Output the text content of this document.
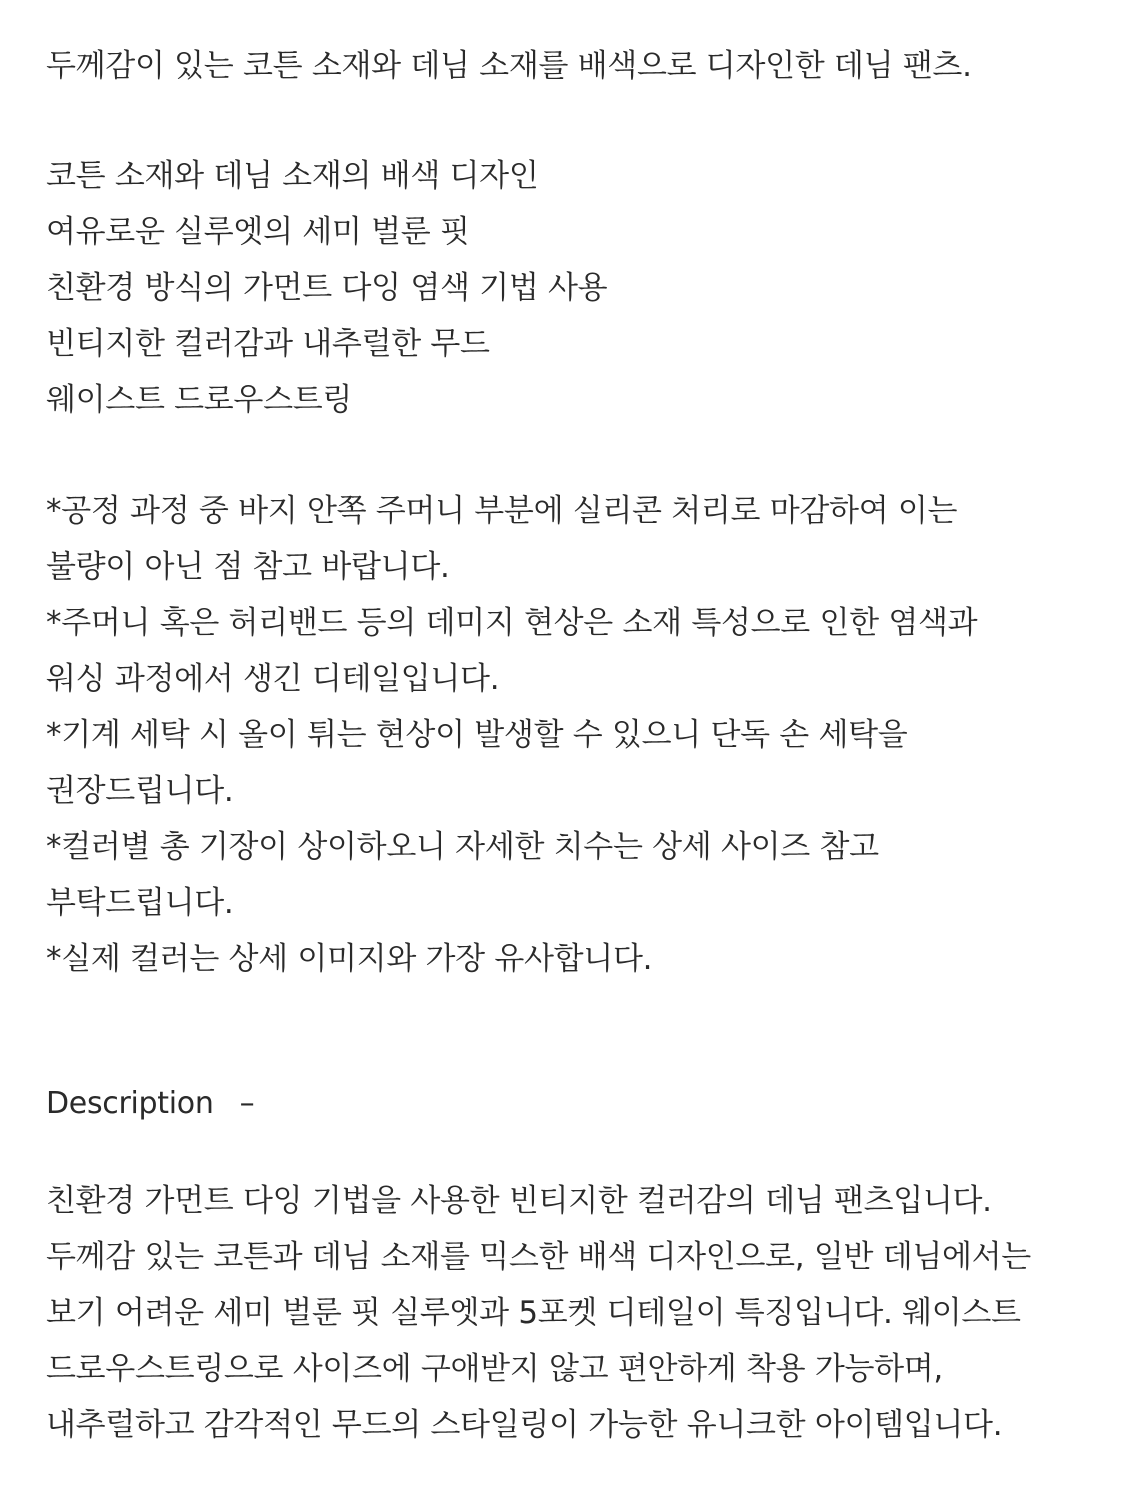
두께감이 있는 코튼 소재와 데님 소재를 배색으로 디자인한 데님 팬츠.
코튼 소재와 데님 소재의 배색 디자인
여유로운 실루엣의 세미 벌룬 핏
친환경 방식의 가먼트 다잉 염색 기법 사용
빈티지한 컬러감과 내추럴한 무드
웨이스트 드로우스트링
*공정 과정 중 바지 안쪽 주머니 부분에 실리콘 처리로 마감하여 이는
불량이 아닌 점 참고 바랍니다.
*주머니 혹은 허리밴드 등의 데미지 현상은 소재 특성으로 인한 염색과
워싱 과정에서 생긴 디테일입니다.
*기계 세탁 시 올이 튀는 현상이 발생할 수 있으니 단독 손 세탁을
권장드립니다.
*컬러별 총 기장이 상이하오니 자세한 치수는 상세 사이즈 참고
부탁드립니다.
*실제 컬러는 상세 이미지와 가장 유사합니다.
Description –
친환경 가먼트 다잉 기법을 사용한 빈티지한 컬러감의 데님 팬츠입니다.
두께감 있는 코튼과 데님 소재를 믹스한 배색 디자인으로, 일반 데님에서는
보기 어려운 세미 벌룬 핏 실루엣과 5포켓 디테일이 특징입니다. 웨이스트
드로우스트링으로 사이즈에 구애받지 않고 편안하게 착용 가능하며,
내추럴하고 감각적인 무드의 스타일링이 가능한 유니크한 아이템입니다.
